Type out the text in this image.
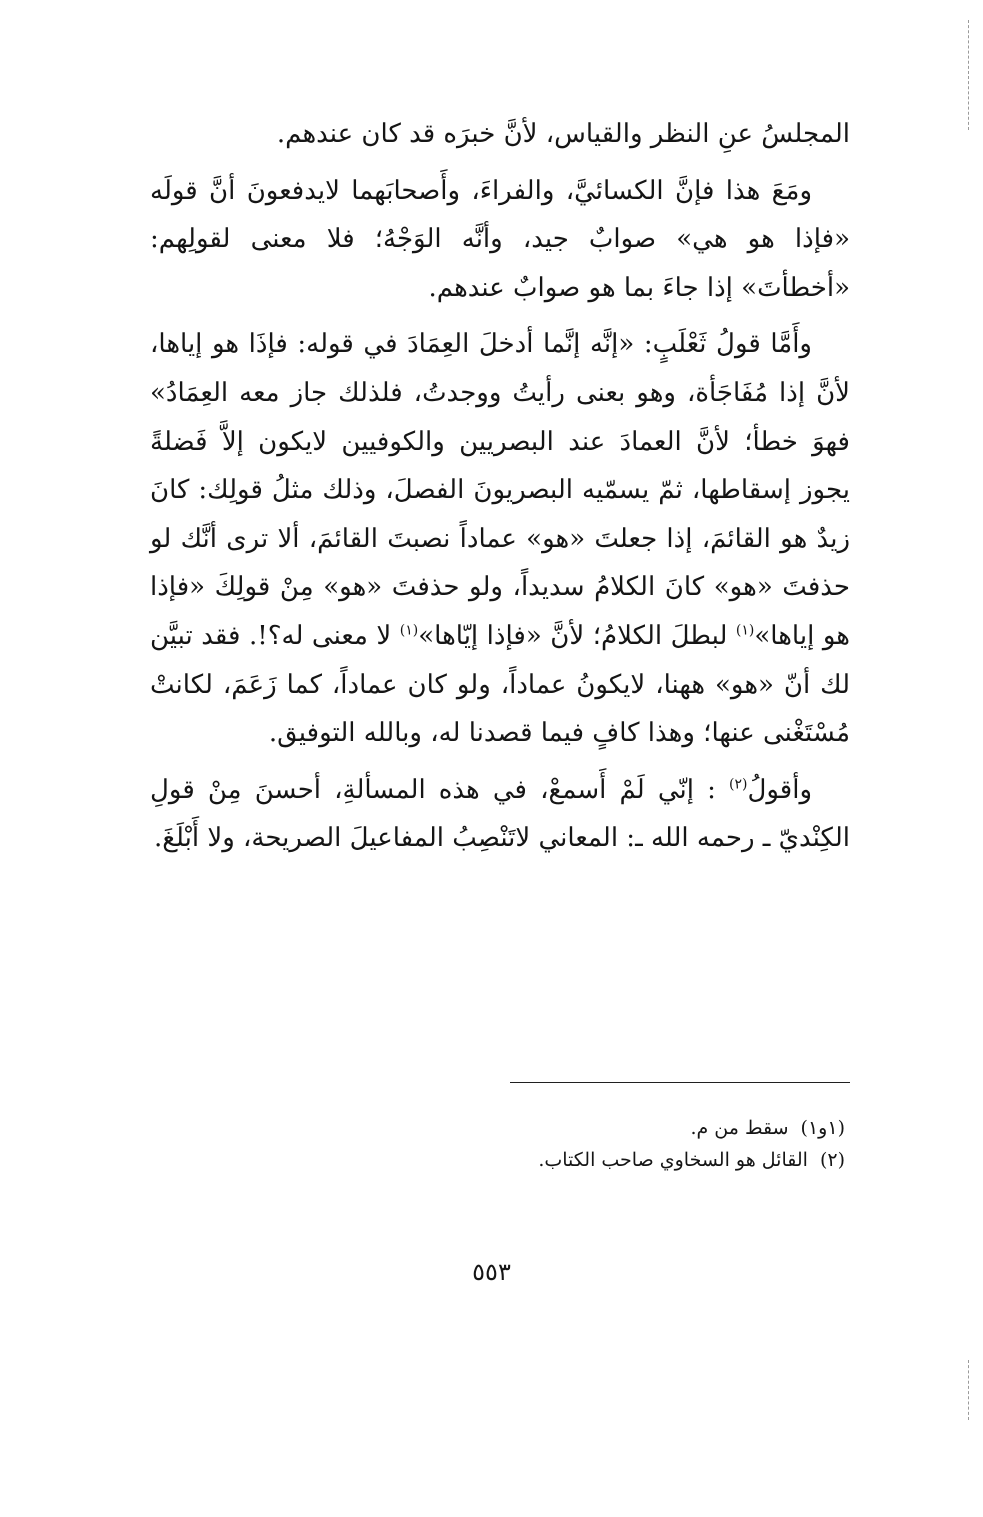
المجلسُ عنِ النظر والقياس، لأنَّ خبرَه قد كان عندهم.

ومَعَ هذا فإنَّ الكسائيَّ، والفراءَ، وأَصحابَهما لايدفعونَ أنَّ قولَه «فإذا هو هي» صوابٌ جيد، وأنَّه الوَجْهُ؛ فلا معنى لقولِهم: «أخطأتَ» إذا جاءَ بما هو صوابٌ عندهم.

وأَمَّا قولُ ثَعْلَبٍ: «إنَّه إنَّما أدخلَ العِمَادَ في قوله: فإذَا هو إياها، لأنَّ إذا مُفَاجَأة، وهو بعنى رأيتُ ووجدتُ، فلذلك جاز معه العِمَادُ» فهوَ خطأ؛ لأنَّ العمادَ عند البصريين والكوفيين لايكون إلاَّ فَضلةً يجوز إسقاطها، ثمّ يسمّيه البصريونَ الفصلَ، وذلك مثلُ قولِك: كانَ زيدٌ هو القائمَ، إذا جعلتَ «هو» عماداً نصبتَ القائمَ، ألا ترى أنَّك لو حذفتَ «هو» كانَ الكلامُ سديداً، ولو حذفتَ «هو» مِنْ قولِكَ «فإذا هو إياها»$^{(١)}$ لبطلَ الكلامُ؛ لأنَّ «فإذا إيّاها»$^{(١)}$ لا معنى له؟!. فقد تبيَّن لك أنّ «هو» ههنا، لايكونُ عماداً، ولو كان عماداً، كما زَعَمَ، لكانتْ مُسْتَغْنى عنها؛ وهذا كافٍ فيما قصدنا له، وبالله التوفيق.

وأقولُ$^{(٢)}$ : إنّي لَمْ أَسمعْ، في هذه المسألةِ، أحسنَ مِنْ قولِ الكِنْديّ ـ رحمه الله ـ: المعاني لاتَنْصِبُ المفاعيلَ الصريحة، ولا أَبْلَغَ.

(١و١)سقط من م.

(٢)القائل هو السخاوي صاحب الكتاب.

٥٥٣
